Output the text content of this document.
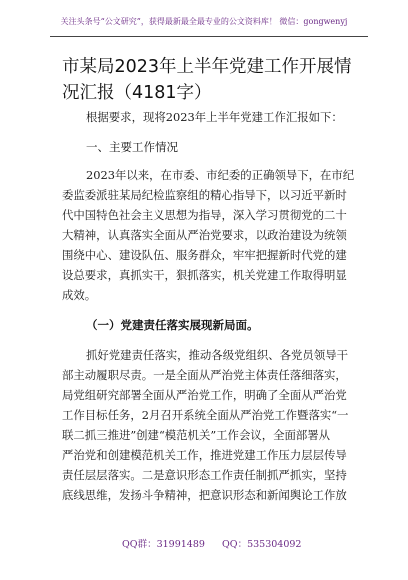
关注头条号“公文研究”，获得最新最全最专业的公文资料库！ 微信：gongwenyj
市某局2023年上半年党建工作开展情况汇报（4181字）
根据要求，现将2023年上半年党建工作汇报如下：
一、主要工作情况
2023年以来，在市委、市纪委的正确领导下，在市纪
委监委派驻某局纪检监察组的精心指导下，以习近平新时
代中国特色社会主义思想为指导，深入学习贯彻党的二十
大精神，认真落实全面从严治党要求，以政治建设为统领
围绕中心、建设队伍、服务群众，牢牢把握新时代党的建
设总要求，真抓实干，狠抓落实，机关党建工作取得明显
成效。
（一）党建责任落实展现新局面。
抓好党建责任落实，推动各级党组织、各党员领导干
部主动履职尽责。一是全面从严治党主体责任落细落实，
局党组研究部署全面从严治党工作，明确了全面从严治党
工作目标任务，2月召开系统全面从严治党工作暨落实“一
联二抓三推进”创建“模范机关”工作会议，全面部署从
严治党和创建模范机关工作，推进党建工作压力层层传导
责任层层落实。二是意识形态工作责任制抓严抓实，坚持
底线思维，发扬斗争精神，把意识形态和新闻舆论工作放
QQ群：31991489 QQ：535304092
